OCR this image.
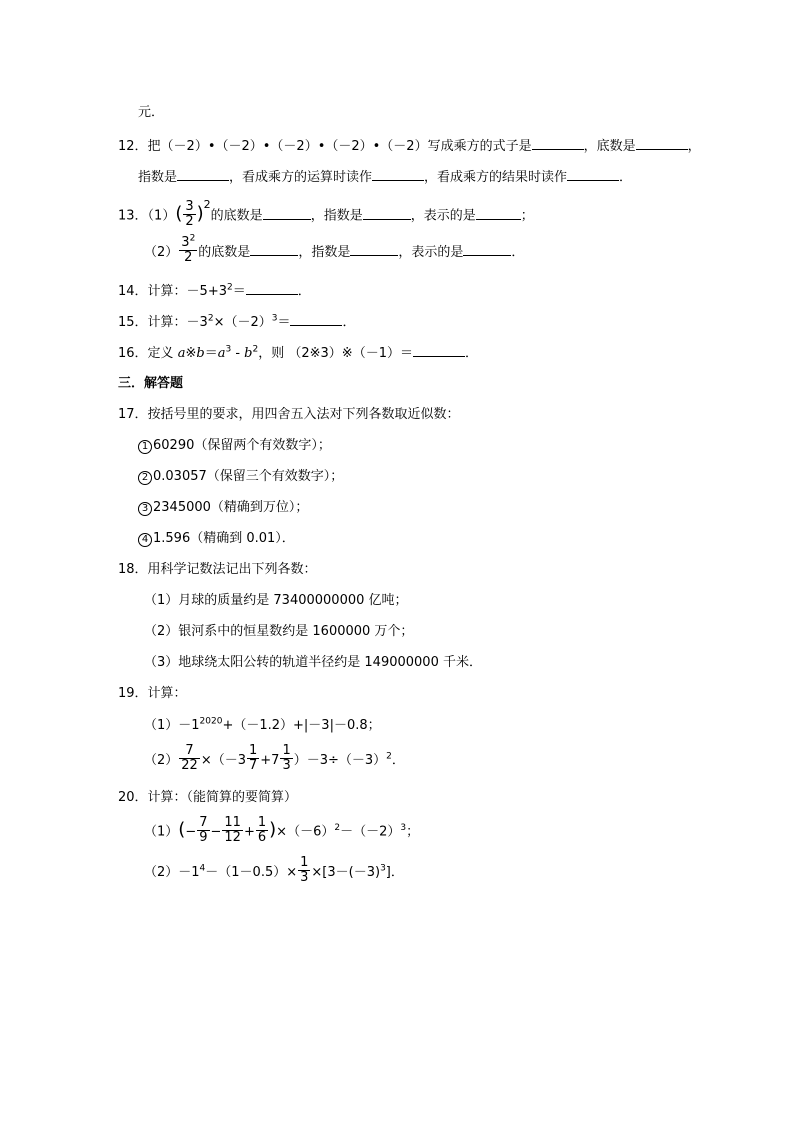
元．
12．把（－2）•（－2）•（－2）•（－2）•（－2）写成乘方的式子是	，底数是	，
指数是	，看成乘方的运算时读作	，看成乘方的结果时读作	．
13．$(1)( \frac{3}{2} )^2$的底数是	，指数是	，表示的是	；
$(2) \frac{3^2}{2}$ 的底数是	，指数是	，表示的是	．
14．计算：$-5+3^2=$	．
15．计算：$-3^2\times(-2)^3=$	．
16．定义 $a※b=a^3 - b^2$，则 （2※3）※（－1）＝	．
三．解答题
17．按括号里的要求，用四舍五入法对下列各数取近似数：
1 60290（保留两个有效数字）；
2 0.03057（保留三个有效数字）；
3 2345000（精确到万位）；
4 1.596（精确到 0.01）．
18．用科学记数法记出下列各数：
（1）月球的质量约是 73400000000 亿吨；
（2）银河系中的恒星数约是 1600000 万个；
（3）地球绕太阳公转的轨道半径约是 149000000 千米．
19．计算：
$(1)-1^{2020}+(-1.2)+|-3|-0.8$；
$(2) \frac{7}{22} \times(-3 \frac{1}{7} +7 \frac{1}{3} )-3\div(-3)^2$．
20．计算：（能简算的要简算）
$(1)(- \frac{7}{9} - \frac{11}{12} + \frac{1}{6} )\times(-6)^2-(-2)^3$；
$(2)-1^4-(1-0.5)\times \frac{1}{3} \times[3-(-3)^3]$．
